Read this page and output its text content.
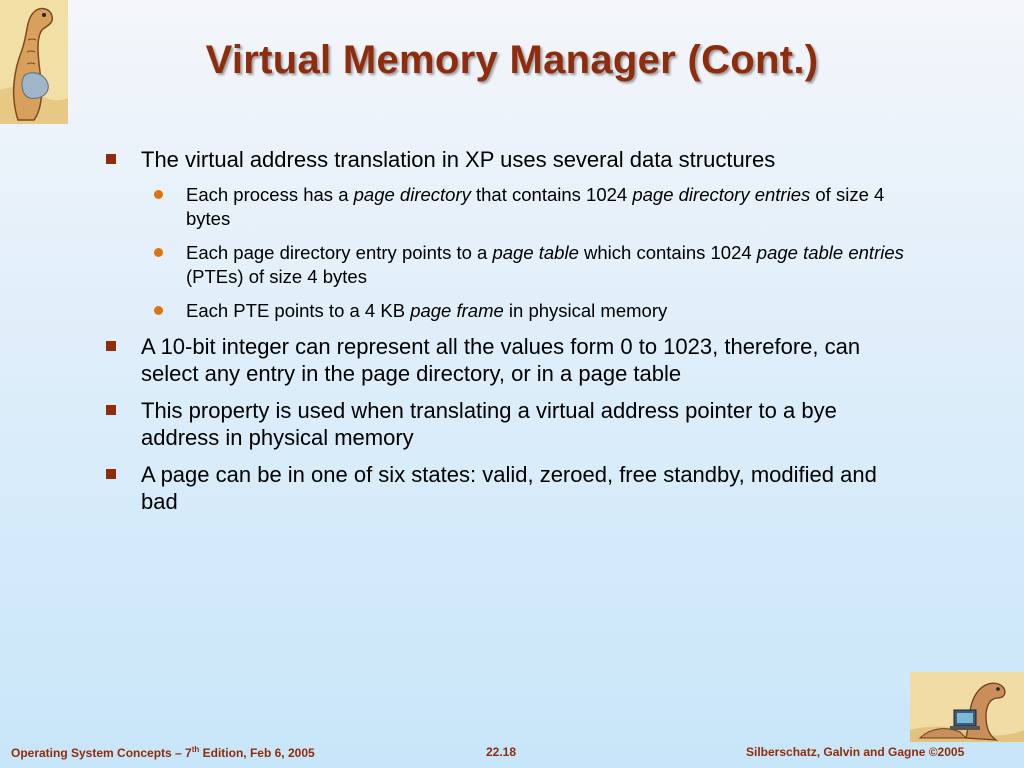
Virtual Memory Manager (Cont.)
The virtual address translation in XP uses several data structures
Each process has a page directory that contains 1024 page directory entries of size 4 bytes
Each page directory entry points to a page table which contains 1024 page table entries (PTEs) of size 4 bytes
Each PTE points to a 4 KB page frame in physical memory
A 10-bit integer can represent all the values form 0 to 1023, therefore, can select any entry in the page directory, or in a page table
This property is used when translating a virtual address pointer to a bye address in physical memory
A page can be in one of six states: valid, zeroed, free standby, modified and bad
Operating System Concepts – 7th Edition, Feb 6, 2005	22.18	Silberschatz, Galvin and Gagne ©2005
